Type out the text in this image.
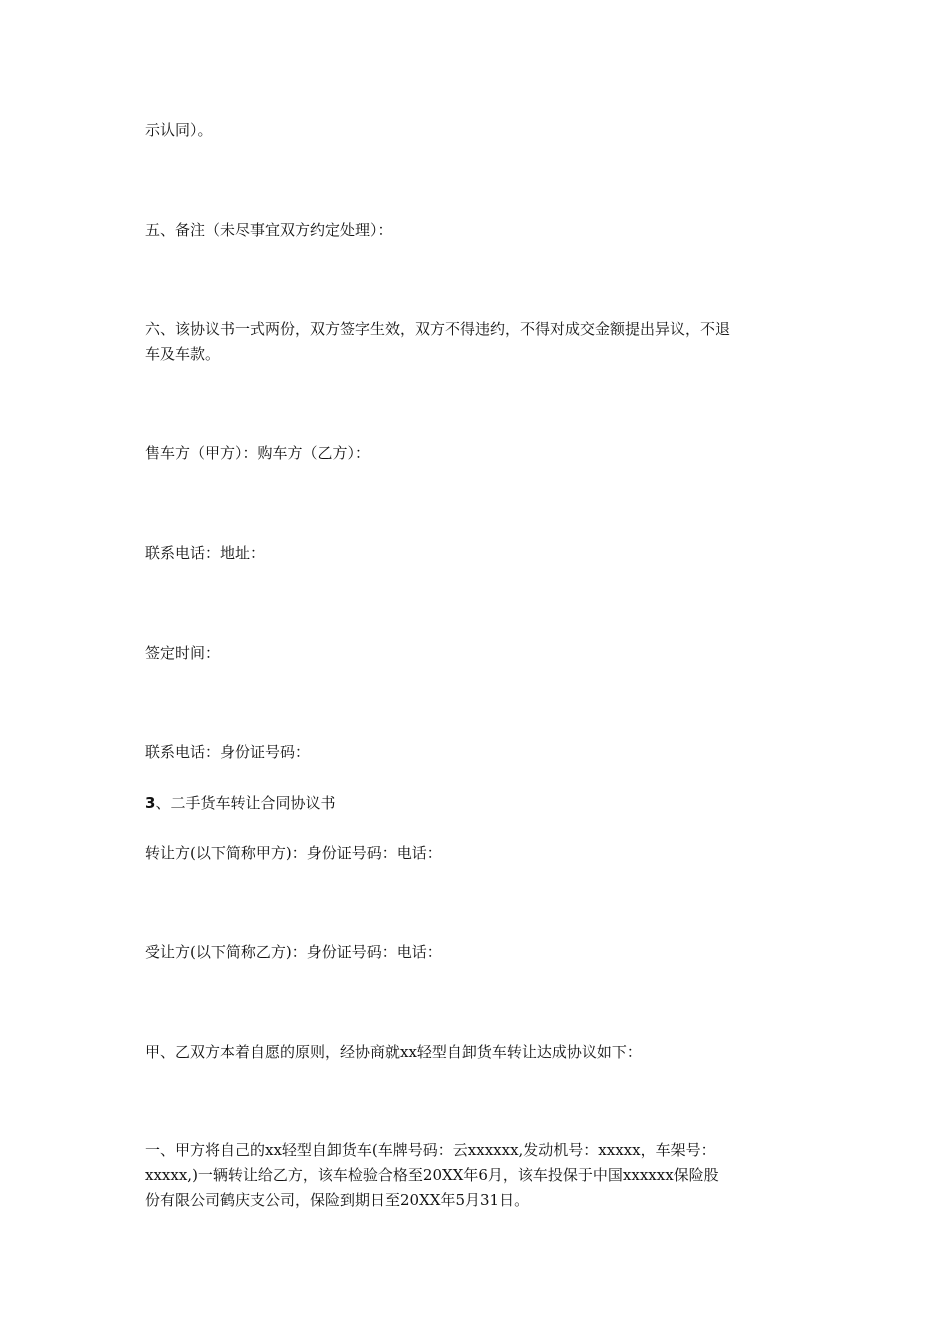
示认同）。

五、备注（未尽事宜双方约定处理）：

六、该协议书一式两份，双方签字生效，双方不得违约，不得对成交金额提出异议，不退
车及车款。

售车方（甲方）：购车方（乙方）：

联系电话：地址：

签定时间：

联系电话：身份证号码：

3、二手货车转让合同协议书

转让方(以下简称甲方)：身份证号码：电话：

受让方(以下简称乙方)：身份证号码：电话：

甲、乙双方本着自愿的原则，经协商就xx轻型自卸货车转让达成协议如下：

一、甲方将自己的xx轻型自卸货车(车牌号码：云xxxxxx,发动机号：xxxxx，车架号：
xxxxx,)一辆转让给乙方，该车检验合格至20XX年6月，该车投保于中国xxxxxx保险股
份有限公司鹤庆支公司，保险到期日至20XX年5月31日。
